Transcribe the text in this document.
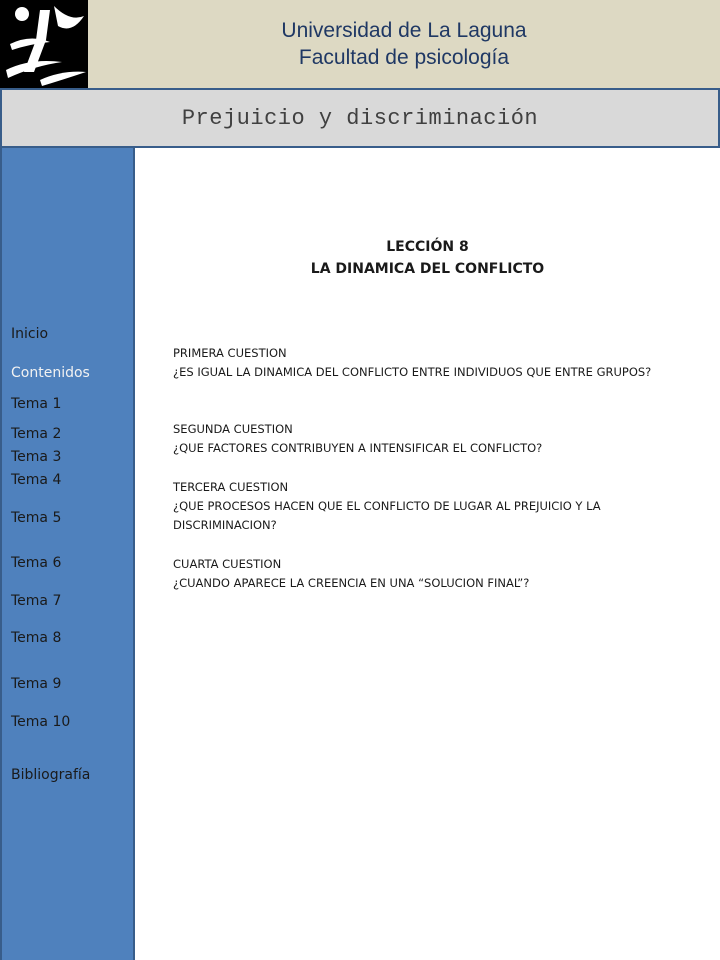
Universidad de La Laguna
Facultad de psicología
Prejuicio y discriminación
Inicio
Contenidos
Tema 1
Tema 2
Tema 3
Tema 4
Tema 5
Tema 6
Tema 7
Tema 8
Tema 9
Tema 10
Bibliografía
LECCIÓN 8
LA DINAMICA DEL CONFLICTO
PRIMERA CUESTION
¿ES IGUAL LA DINAMICA DEL CONFLICTO ENTRE INDIVIDUOS QUE ENTRE GRUPOS?
SEGUNDA CUESTION
¿QUE FACTORES CONTRIBUYEN A INTENSIFICAR EL CONFLICTO?
TERCERA CUESTION
¿QUE PROCESOS HACEN QUE EL CONFLICTO DE LUGAR AL PREJUICIO Y LA DISCRIMINACION?
CUARTA CUESTION
¿CUANDO APARECE LA CREENCIA EN UNA “SOLUCION FINAL”?
